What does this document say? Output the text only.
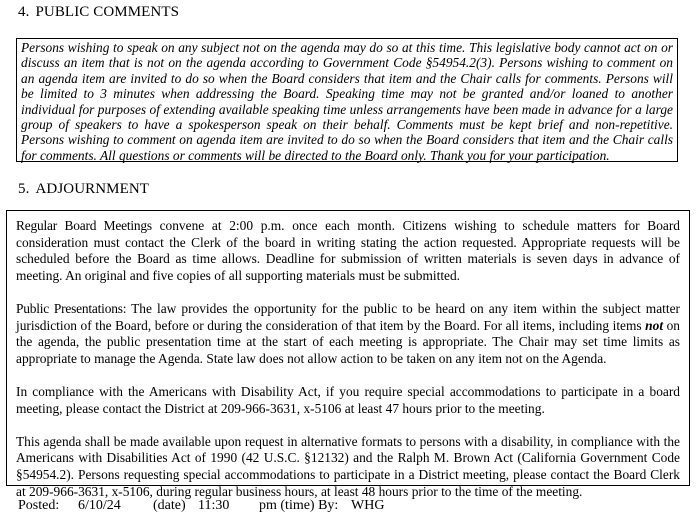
4. PUBLIC COMMENTS
Persons wishing to speak on any subject not on the agenda may do so at this time. This legislative body cannot act on or discuss an item that is not on the agenda according to Government Code §54954.2(3). Persons wishing to comment on an agenda item are invited to do so when the Board considers that item and the Chair calls for comments. Persons will be limited to 3 minutes when addressing the Board. Speaking time may not be granted and/or loaned to another individual for purposes of extending available speaking time unless arrangements have been made in advance for a large group of speakers to have a spokesperson speak on their behalf. Comments must be kept brief and non-repetitive. Persons wishing to comment on agenda item are invited to do so when the Board considers that item and the Chair calls for comments. All questions or comments will be directed to the Board only. Thank you for your participation.
5. ADJOURNMENT

Regular Board Meetings convene at 2:00 p.m. once each month. Citizens wishing to schedule matters for Board consideration must contact the Clerk of the board in writing stating the action requested. Appropriate requests will be scheduled before the Board as time allows. Deadline for submission of written materials is seven days in advance of meeting. An original and five copies of all supporting materials must be submitted.

Public Presentations: The law provides the opportunity for the public to be heard on any item within the subject matter jurisdiction of the Board, before or during the consideration of that item by the Board. For all items, including items not on the agenda, the public presentation time at the start of each meeting is appropriate. The Chair may set time limits as appropriate to manage the Agenda. State law does not allow action to be taken on any item not on the Agenda.

In compliance with the Americans with Disability Act, if you require special accommodations to participate in a board meeting, please contact the District at 209-966-3631, x-5106 at least 47 hours prior to the meeting.

This agenda shall be made available upon request in alternative formats to persons with a disability, in compliance with the Americans with Disabilities Act of 1990 (42 U.S.C. §12132) and the Ralph M. Brown Act (California Government Code §54954.2). Persons requesting special accommodations to participate in a District meeting, please contact the Board Clerk at 209-966-3631, x-5106, during regular business hours, at least 48 hours prior to the time of the meeting.

Posted: 6/10/24 (date) 11:30 pm (time) By: WHG
